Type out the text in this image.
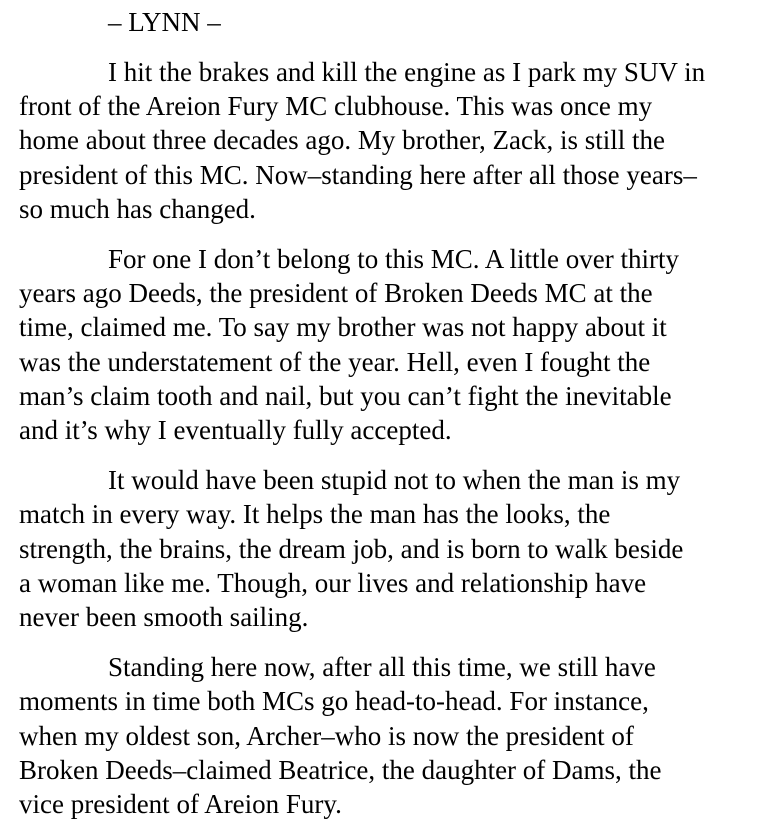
– LYNN –

I hit the brakes and kill the engine as I park my SUV in
front of the Areion Fury MC clubhouse. This was once my
home about three decades ago. My brother, Zack, is still the
president of this MC. Now–standing here after all those years–
so much has changed.

For one I don’t belong to this MC. A little over thirty
years ago Deeds, the president of Broken Deeds MC at the
time, claimed me. To say my brother was not happy about it
was the understatement of the year. Hell, even I fought the
man’s claim tooth and nail, but you can’t fight the inevitable
and it’s why I eventually fully accepted.

It would have been stupid not to when the man is my
match in every way. It helps the man has the looks, the
strength, the brains, the dream job, and is born to walk beside
a woman like me. Though, our lives and relationship have
never been smooth sailing.

Standing here now, after all this time, we still have
moments in time both MCs go head-to-head. For instance,
when my oldest son, Archer–who is now the president of
Broken Deeds–claimed Beatrice, the daughter of Dams, the
vice president of Areion Fury.
